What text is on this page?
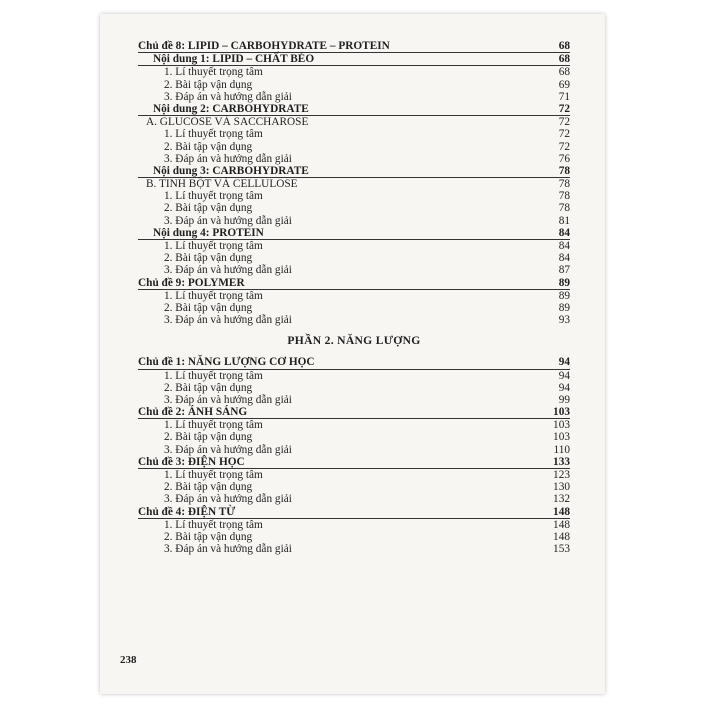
Chủ đề 8: LIPID – CARBOHYDRATE – PROTEIN	68
Nội dung 1: LIPID – CHẤT BÉO	68
1. Lí thuyết trọng tâm	68
2. Bài tập vận dụng	69
3. Đáp án và hướng dẫn giải	71
Nội dung 2: CARBOHYDRATE	72
A. GLUCOSE VÀ SACCHAROSE	72
1. Lí thuyết trọng tâm	72
2. Bài tập vận dụng	72
3. Đáp án và hướng dẫn giải	76
Nội dung 3: CARBOHYDRATE	78
B. TINH BỘT VÀ CELLULOSE	78
1. Lí thuyết trọng tâm	78
2. Bài tập vận dụng	78
3. Đáp án và hướng dẫn giải	81
Nội dung 4: PROTEIN	84
1. Lí thuyết trọng tâm	84
2. Bài tập vận dụng	84
3. Đáp án và hướng dẫn giải	87
Chủ đề 9: POLYMER	89
1. Lí thuyết trọng tâm	89
2. Bài tập vận dụng	89
3. Đáp án và hướng dẫn giải	93
PHẦN 2. NĂNG LƯỢNG
Chủ đề 1: NĂNG LƯỢNG CƠ HỌC	94
1. Lí thuyết trọng tâm	94
2. Bài tập vận dụng	94
3. Đáp án và hướng dẫn giải	99
Chủ đề 2: ÁNH SÁNG	103
1. Lí thuyết trọng tâm	103
2. Bài tập vận dụng	103
3. Đáp án và hướng dẫn giải	110
Chủ đề 3: ĐIỆN HỌC	133
1. Lí thuyết trọng tâm	123
2. Bài tập vận dụng	130
3. Đáp án và hướng dẫn giải	132
Chủ đề 4: ĐIỆN TỪ	148
1. Lí thuyết trọng tâm	148
2. Bài tập vận dụng	148
3. Đáp án và hướng dẫn giải	153
238
